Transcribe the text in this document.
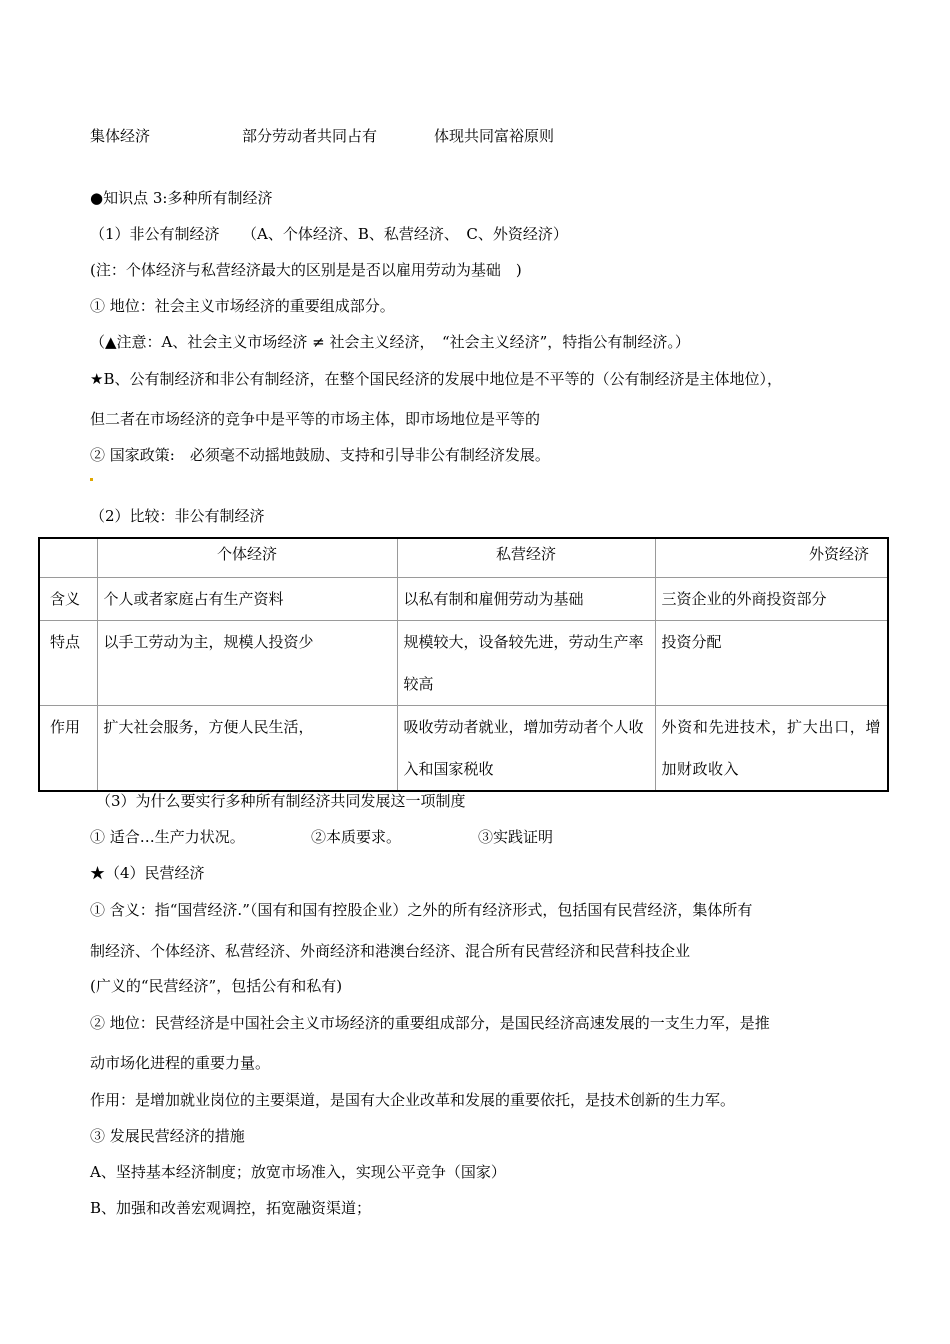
集体经济	部分劳动者共同占有	体现共同富裕原则
●知识点 3:多种所有制经济
（1）非公有制经济　　（A、个体经济、B、私营经济、　C、外资经济）
(注：个体经济与私营经济最大的区别是是否以雇用劳动为基础　)
① 地位：社会主义市场经济的重要组成部分。
（▲注意：A、社会主义市场经济 ≠ 社会主义经济，　“社会主义经济”，特指公有制经济。）
★B、公有制经济和非公有制经济，在整个国民经济的发展中地位是不平等的（公有制经济是主体地位），
但二者在市场经济的竞争中是平等的市场主体，即市场地位是平等的
② 国家政策:　必须毫不动摇地鼓励、支持和引导非公有制经济发展。
（2）比较：非公有制经济
	个体经济	私营经济	外资经济
含义	个人或者家庭占有生产资料	以私有制和雇佣劳动为基础	三资企业的外商投资部分
特点	以手工劳动为主，规模人投资少	规模较大，设备较先进，劳动生产率较高	投资分配
作用	扩大社会服务，方便人民生活，	吸收劳动者就业，增加劳动者个人收入和国家税收	外资和先进技术，扩大出口，增加财政收入
（3）为什么要实行多种所有制经济共同发展这一项制度
① 适合…生产力状况。	②本质要求。	③实践证明
★（4）民营经济
① 含义：指“国营经济.”（国有和国有控股企业）之外的所有经济形式，包括国有民营经济，集体所有
制经济、个体经济、私营经济、外商经济和港澳台经济、混合所有民营经济和民营科技企业
(广义的“民营经济”，包括公有和私有)
② 地位：民营经济是中国社会主义市场经济的重要组成部分，是国民经济高速发展的一支生力军，是推
动市场化进程的重要力量。
作用：是增加就业岗位的主要渠道，是国有大企业改革和发展的重要依托，是技术创新的生力军。
③ 发展民营经济的措施
A、坚持基本经济制度；放宽市场准入，实现公平竞争（国家）
B、加强和改善宏观调控，拓宽融资渠道；
